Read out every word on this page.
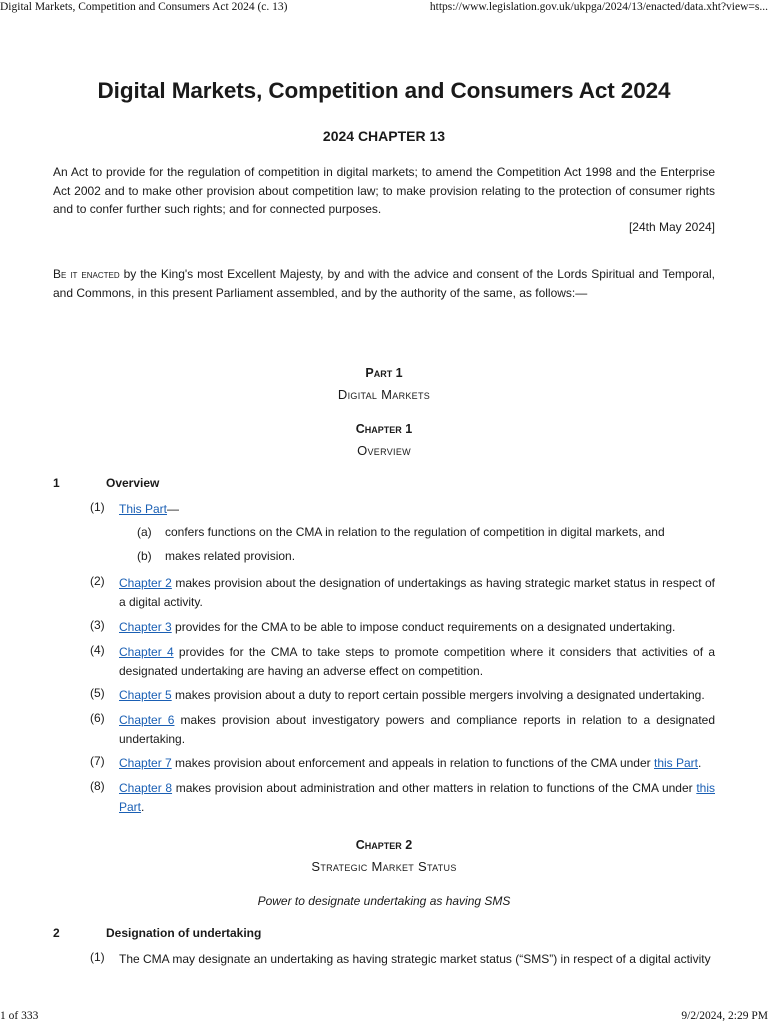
Digital Markets, Competition and Consumers Act 2024 (c. 13)	https://www.legislation.gov.uk/ukpga/2024/13/enacted/data.xht?view=s...
Digital Markets, Competition and Consumers Act 2024
2024 CHAPTER 13
An Act to provide for the regulation of competition in digital markets; to amend the Competition Act 1998 and the Enterprise Act 2002 and to make other provision about competition law; to make provision relating to the protection of consumer rights and to confer further such rights; and for connected purposes.
[24th May 2024]
Be it enacted by the King's most Excellent Majesty, by and with the advice and consent of the Lords Spiritual and Temporal, and Commons, in this present Parliament assembled, and by the authority of the same, as follows:—
Part 1
Digital Markets
Chapter 1
Overview
1	Overview
(1) This Part—
(a) confers functions on the CMA in relation to the regulation of competition in digital markets, and
(b) makes related provision.
(2) Chapter 2 makes provision about the designation of undertakings as having strategic market status in respect of a digital activity.
(3) Chapter 3 provides for the CMA to be able to impose conduct requirements on a designated undertaking.
(4) Chapter 4 provides for the CMA to take steps to promote competition where it considers that activities of a designated undertaking are having an adverse effect on competition.
(5) Chapter 5 makes provision about a duty to report certain possible mergers involving a designated undertaking.
(6) Chapter 6 makes provision about investigatory powers and compliance reports in relation to a designated undertaking.
(7) Chapter 7 makes provision about enforcement and appeals in relation to functions of the CMA under this Part.
(8) Chapter 8 makes provision about administration and other matters in relation to functions of the CMA under this Part.
Chapter 2
Strategic Market Status
Power to designate undertaking as having SMS
2	Designation of undertaking
(1) The CMA may designate an undertaking as having strategic market status (“SMS”) in respect of a digital activity
1 of 333	9/2/2024, 2:29 PM
